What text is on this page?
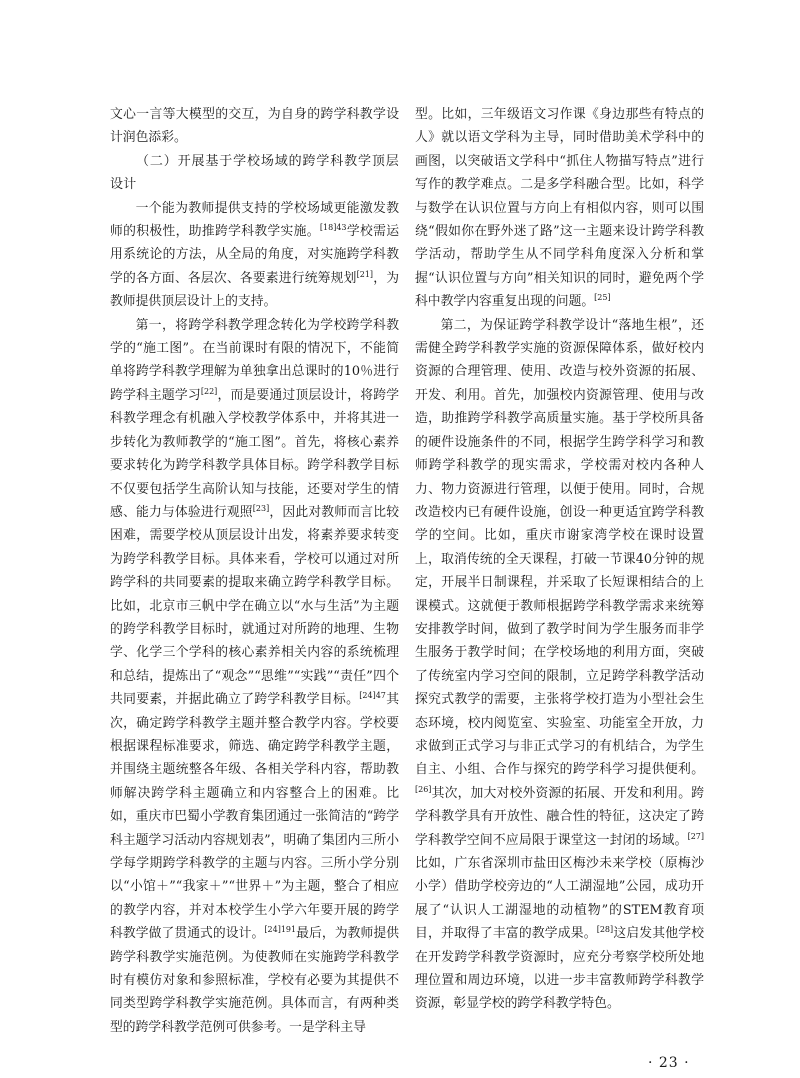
文心一言等大模型的交互，为自身的跨学科教学设计润色添彩。

（二）开展基于学校场域的跨学科教学顶层设计

一个能为教师提供支持的学校场域更能激发教师的积极性，助推跨学科教学实施。$^{[18]43}$学校需运用系统论的方法，从全局的角度，对实施跨学科教学的各方面、各层次、各要素进行统筹规划[21]，为教师提供顶层设计上的支持。

第一，将跨学科教学理念转化为学校跨学科教学的“施工图”。在当前课时有限的情况下，不能简单将跨学科教学理解为单独拿出总课时的10％进行跨学科主题学习[22]，而是要通过顶层设计，将跨学科教学理念有机融入学校教学体系中，并将其进一步转化为教师教学的“施工图”。首先，将核心素养要求转化为跨学科教学具体目标。跨学科教学目标不仅要包括学生高阶认知与技能，还要对学生的情感、能力与体验进行观照[23]，因此对教师而言比较困难，需要学校从顶层设计出发，将素养要求转变为跨学科教学目标。具体来看，学校可以通过对所跨学科的共同要素的提取来确立跨学科教学目标。比如，北京市三帆中学在确立以“水与生活”为主题的跨学科教学目标时，就通过对所跨的地理、生物学、化学三个学科的核心素养相关内容的系统梳理和总结，提炼出了“观念”“思维”“实践”“责任”四个共同要素，并据此确立了跨学科教学目标。$^{[24]47}$其次，确定跨学科教学主题并整合教学内容。学校要根据课程标准要求，筛选、确定跨学科教学主题，并围绕主题统整各年级、各相关学科内容，帮助教师解决跨学科主题确立和内容整合上的困难。比如，重庆市巴蜀小学教育集团通过一张简洁的“跨学科主题学习活动内容规划表”，明确了集团内三所小学每学期跨学科教学的主题与内容。三所小学分别以“小馆＋”“我家＋”“世界＋”为主题，整合了相应的教学内容，并对本校学生小学六年要开展的跨学科教学做了贯通式的设计。$^{[24]191}$最后，为教师提供跨学科教学实施范例。为使教师在实施跨学科教学时有模仿对象和参照标准，学校有必要为其提供不同类型跨学科教学实施范例。具体而言，有两种类型的跨学科教学范例可供参考。一是学科主导

型。比如，三年级语文习作课《身边那些有特点的人》就以语文学科为主导，同时借助美术学科中的画图，以突破语文学科中“抓住人物描写特点”进行写作的教学难点。二是多学科融合型。比如，科学与数学在认识位置与方向上有相似内容，则可以围绕“假如你在野外迷了路”这一主题来设计跨学科教学活动，帮助学生从不同学科角度深入分析和掌握“认识位置与方向”相关知识的同时，避免两个学科中教学内容重复出现的问题。[25]

第二，为保证跨学科教学设计“落地生根”，还需健全跨学科教学实施的资源保障体系，做好校内资源的合理管理、使用、改造与校外资源的拓展、开发、利用。首先，加强校内资源管理、使用与改造，助推跨学科教学高质量实施。基于学校所具备的硬件设施条件的不同，根据学生跨学科学习和教师跨学科教学的现实需求，学校需对校内各种人力、物力资源进行管理，以便于使用。同时，合规改造校内已有硬件设施，创设一种更适宜跨学科教学的空间。比如，重庆市谢家湾学校在课时设置上，取消传统的全天课程，打破一节课40分钟的规定，开展半日制课程，并采取了长短课相结合的上课模式。这就便于教师根据跨学科教学需求来统筹安排教学时间，做到了教学时间为学生服务而非学生服务于教学时间；在学校场地的利用方面，突破了传统室内学习空间的限制，立足跨学科教学活动探究式教学的需要，主张将学校打造为小型社会生态环境，校内阅览室、实验室、功能室全开放，力求做到正式学习与非正式学习的有机结合，为学生自主、小组、合作与探究的跨学科学习提供便利。[26]其次，加大对校外资源的拓展、开发和利用。跨学科教学具有开放性、融合性的特征，这决定了跨学科教学空间不应局限于课堂这一封闭的场域。[27]比如，广东省深圳市盐田区梅沙未来学校（原梅沙小学）借助学校旁边的“人工湖湿地”公园，成功开展了“认识人工湖湿地的动植物”的STEM教育项目，并取得了丰富的教学成果。[28]这启发其他学校在开发跨学科教学资源时，应充分考察学校所处地理位置和周边环境，以进一步丰富教师跨学科教学资源，彰显学校的跨学科教学特色。

· 23 ·
